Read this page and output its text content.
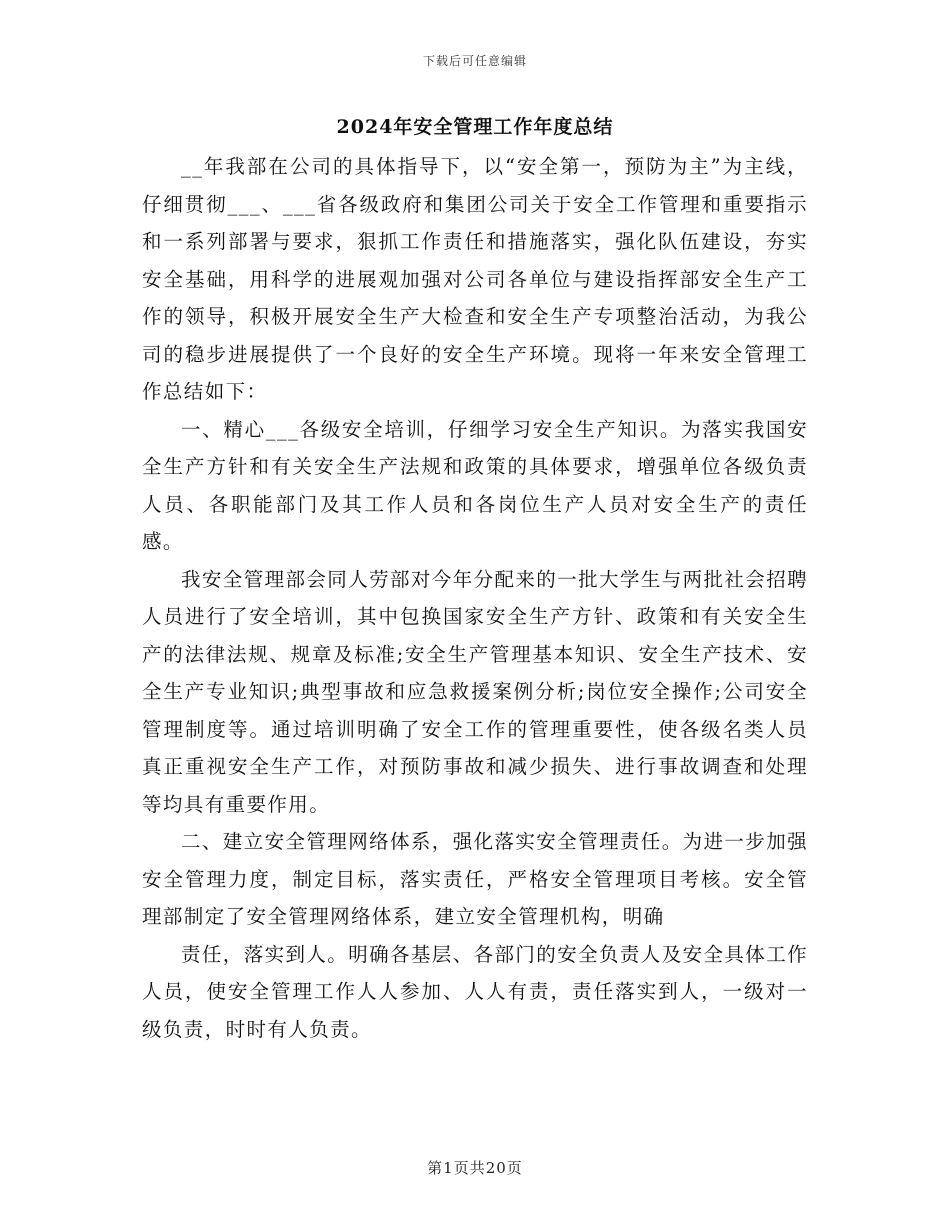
下载后可任意编辑
2024年安全管理工作年度总结

__年我部在公司的具体指导下，以“安全第一，预防为主”为主线，仔细贯彻___、___省各级政府和集团公司关于安全工作管理和重要指示和一系列部署与要求，狠抓工作责任和措施落实，强化队伍建设，夯实安全基础，用科学的进展观加强对公司各单位与建设指挥部安全生产工作的领导，积极开展安全生产大检查和安全生产专项整治活动，为我公司的稳步进展提供了一个良好的安全生产环境。现将一年来安全管理工作总结如下：

一、精心___各级安全培训，仔细学习安全生产知识。为落实我国安全生产方针和有关安全生产法规和政策的具体要求，增强单位各级负责人员、各职能部门及其工作人员和各岗位生产人员对安全生产的责任感。

我安全管理部会同人劳部对今年分配来的一批大学生与两批社会招聘人员进行了安全培训，其中包换国家安全生产方针、政策和有关安全生产的法律法规、规章及标准;安全生产管理基本知识、安全生产技术、安全生产专业知识;典型事故和应急救援案例分析;岗位安全操作;公司安全管理制度等。通过培训明确了安全工作的管理重要性，使各级名类人员真正重视安全生产工作，对预防事故和减少损失、进行事故调查和处理等均具有重要作用。

二、建立安全管理网络体系，强化落实安全管理责任。为进一步加强安全管理力度，制定目标，落实责任，严格安全管理项目考核。安全管理部制定了安全管理网络体系，建立安全管理机构，明确

责任，落实到人。明确各基层、各部门的安全负责人及安全具体工作人员，使安全管理工作人人参加、人人有责，责任落实到人，一级对一级负责，时时有人负责。

第1页共20页
